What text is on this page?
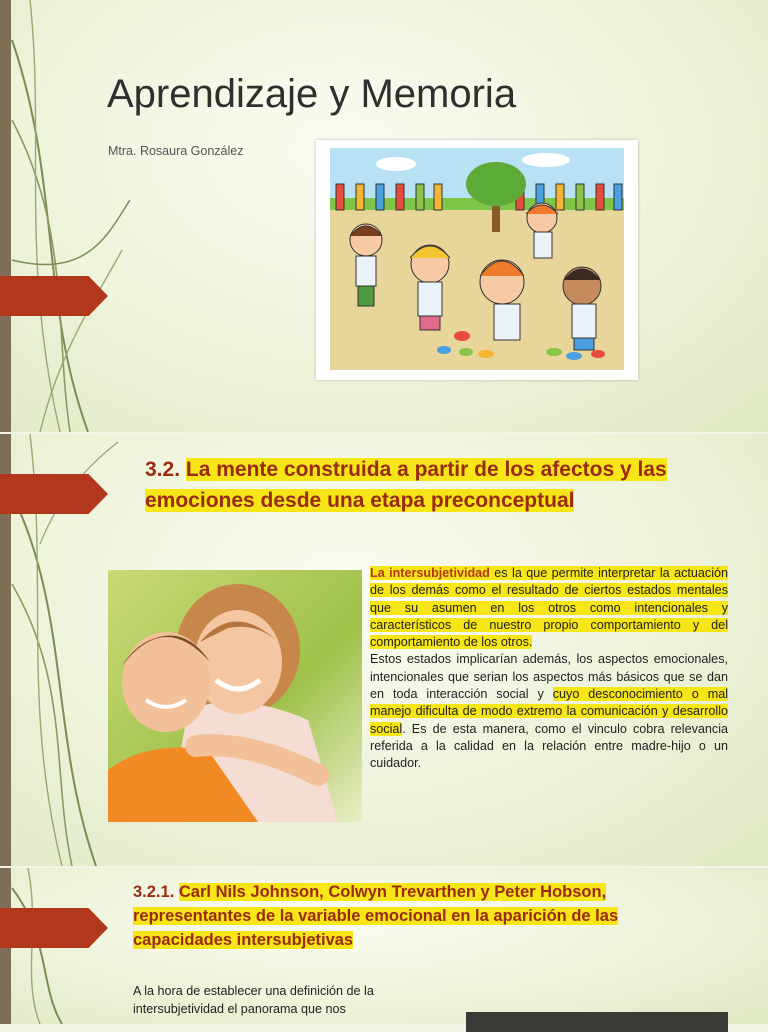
Aprendizaje y Memoria
Mtra. Rosaura González
3.2. La mente construida a partir de los afectos y las emociones desde una etapa preconceptual

La intersubjetividad es la que permite interpretar la actuación de los demás como el resultado de ciertos estados mentales que su asumen en los otros como intencionales y característicos de nuestro propio comportamiento y del comportamiento de los otros.
Estos estados implicarían además, los aspectos emocionales, intencionales que serian los aspectos más básicos que se dan en toda interacción social y cuyo desconocimiento o mal manejo dificulta de modo extremo la comunicación y desarrollo social. Es de esta manera, como el vinculo cobra relevancia referida a la calidad en la relación entre madre-hijo o un cuidador.

3.2.1. Carl Nils Johnson, Colwyn Trevarthen y Peter Hobson, representantes de la variable emocional en la aparición de las capacidades intersubjetivas

A la hora de establecer una definición de la intersubjetividad el panorama que nos
